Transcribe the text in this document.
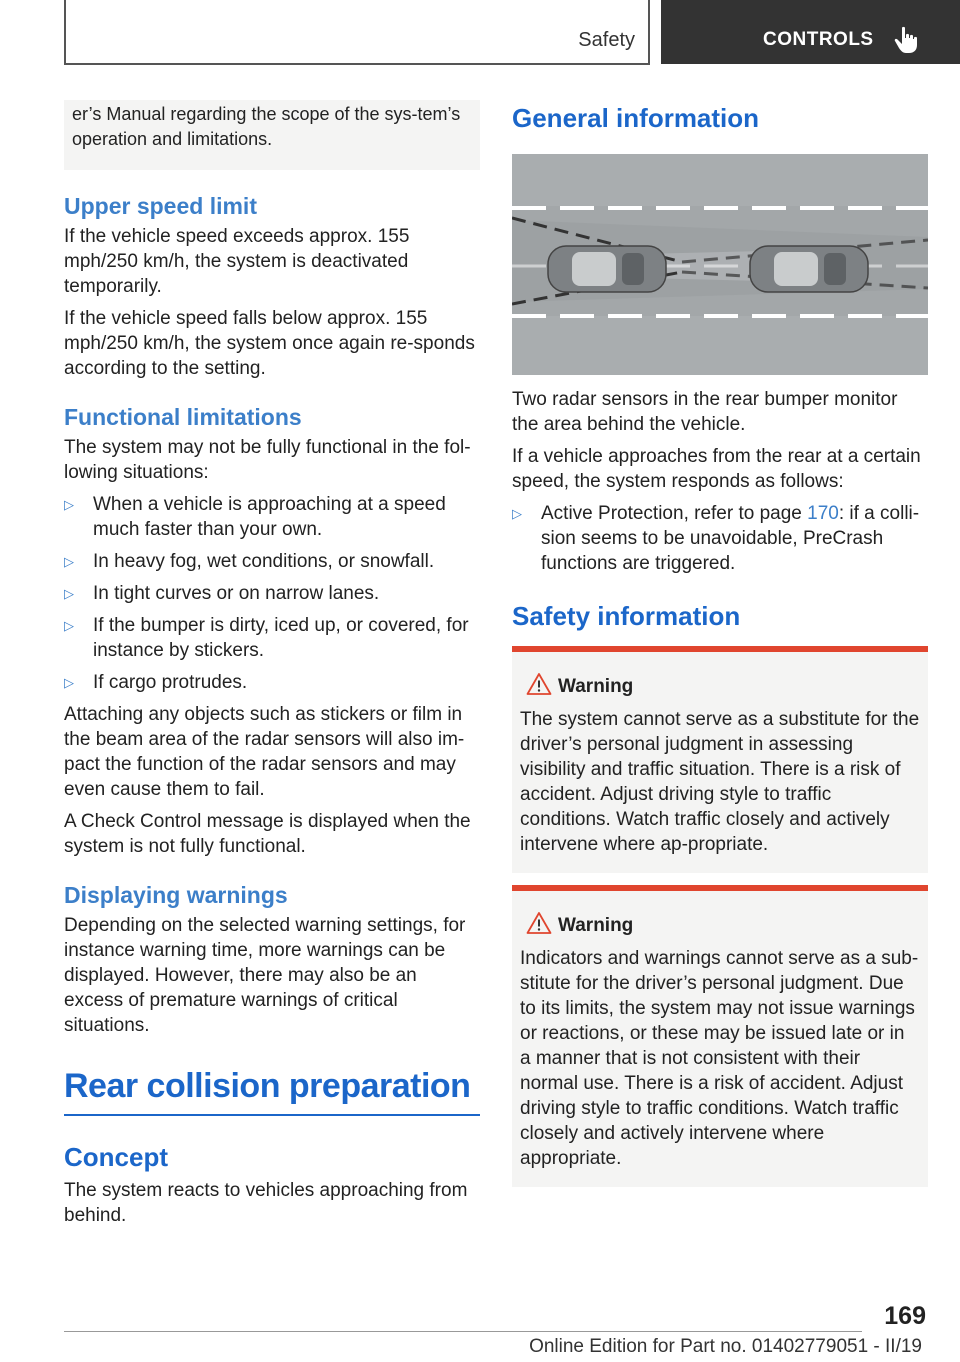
Safety	CONTROLS
er’s Manual regarding the scope of the sys‐tem’s operation and limitations.
Upper speed limit

If the vehicle speed exceeds approx. 155 mph/250 km/h, the system is deactivated temporarily.

If the vehicle speed falls below approx. 155 mph/250 km/h, the system once again re‐sponds according to the setting.

Functional limitations

The system may not be fully functional in the fol‐lowing situations:

▷ When a vehicle is approaching at a speed much faster than your own.
▷ In heavy fog, wet conditions, or snowfall.
▷ In tight curves or on narrow lanes.
▷ If the bumper is dirty, iced up, or covered, for instance by stickers.
▷ If cargo protrudes.

Attaching any objects such as stickers or film in the beam area of the radar sensors will also im‐pact the function of the radar sensors and may even cause them to fail.

A Check Control message is displayed when the system is not fully functional.

Displaying warnings

Depending on the selected warning settings, for instance warning time, more warnings can be displayed. However, there may also be an excess of premature warnings of critical situations.

Rear collision preparation
Concept

The system reacts to vehicles approaching from behind.

General information

Two radar sensors in the rear bumper monitor the area behind the vehicle.

If a vehicle approaches from the rear at a certain speed, the system responds as follows:

▷ Active Protection, refer to page 170: if a colli‐sion seems to be unavoidable, PreCrash functions are triggered.
Safety information
Warning

The system cannot serve as a substitute for the driver’s personal judgment in assessing visibility and traffic situation. There is a risk of accident. Adjust driving style to traffic conditions. Watch traffic closely and actively intervene where ap‐propriate.

Warning

Indicators and warnings cannot serve as a sub‐stitute for the driver’s personal judgment. Due to its limits, the system may not issue warnings or reactions, or these may be issued late or in a manner that is not consistent with their normal use. There is a risk of accident. Adjust driving style to traffic conditions. Watch traffic closely and actively intervene where appropriate.

169
Online Edition for Part no. 01402779051 - II/19
